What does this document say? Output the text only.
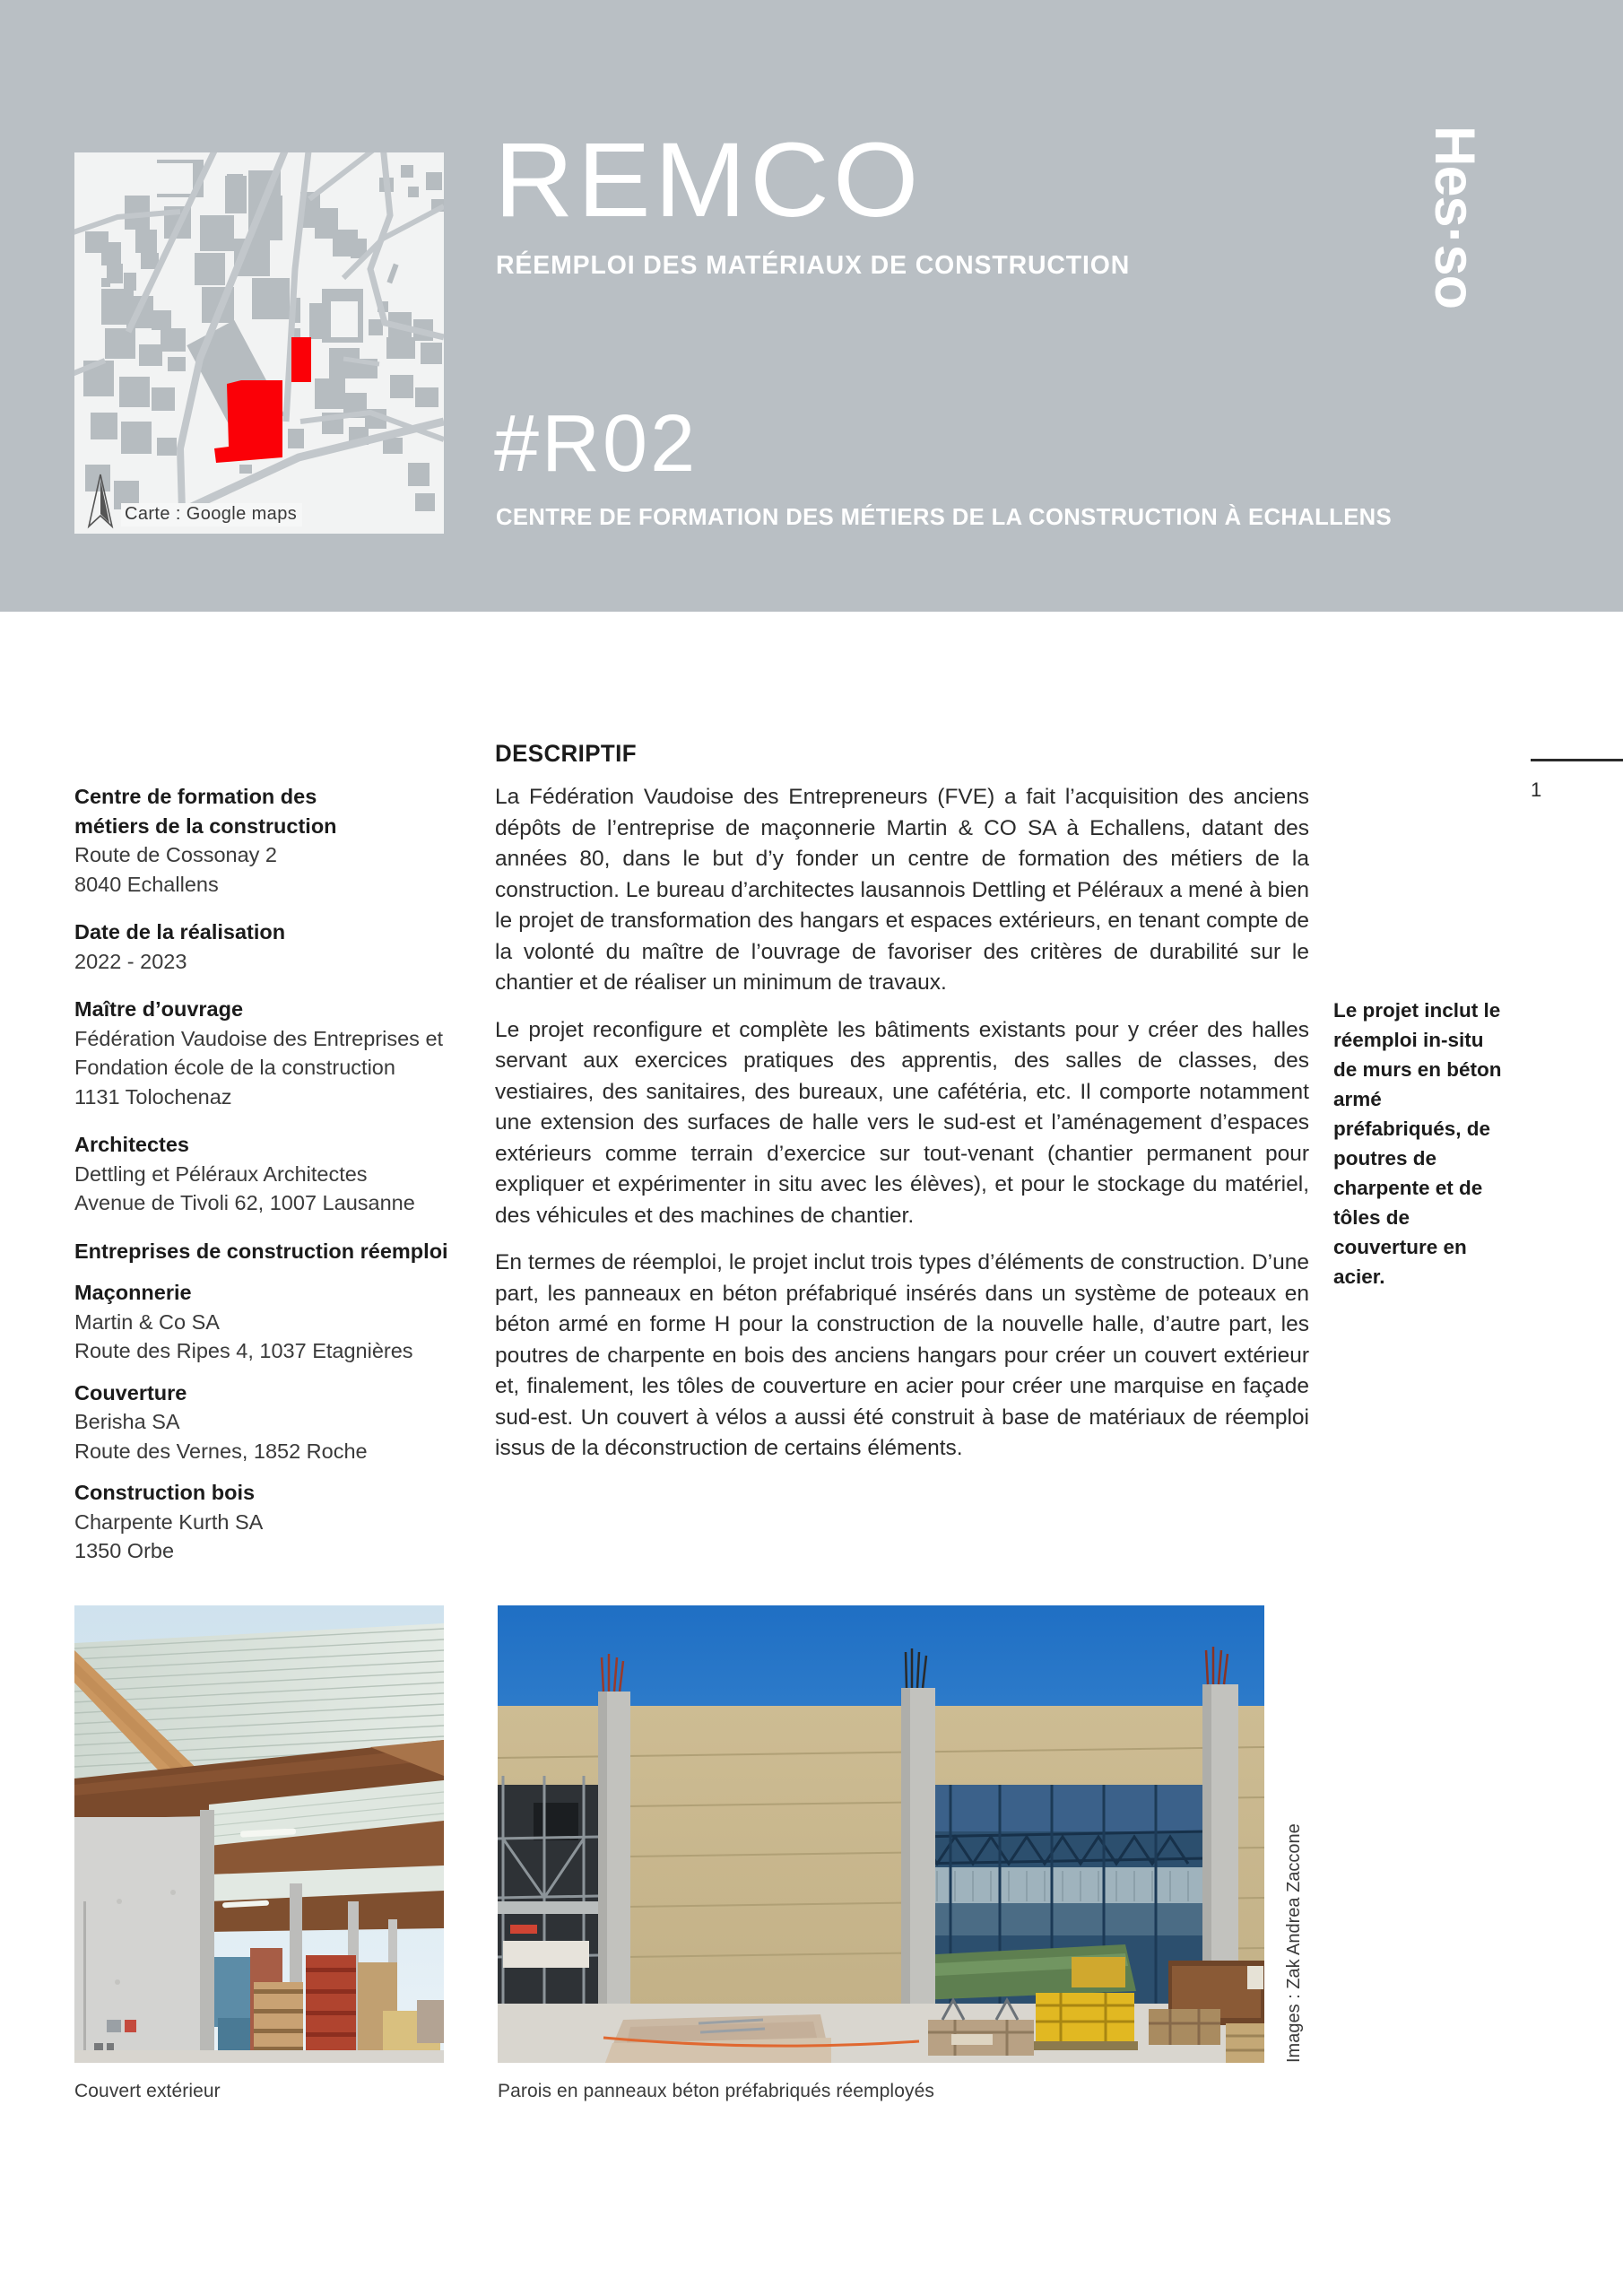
Carte : Google maps
REMCO
RÉEMPLOI DES MATÉRIAUX DE CONSTRUCTION
#R02
CENTRE DE FORMATION DES MÉTIERS DE LA CONSTRUCTION À ECHALLENS
Hes·so
Centre de formation des
métiers de la construction
Route de Cossonay 2
8040 Echallens
Date de la réalisation
2022 - 2023
Maître d’ouvrage
Fédération Vaudoise des Entreprises et
Fondation école de la construction
1131 Tolochenaz
Architectes
Dettling et Péléraux Architectes
Avenue de Tivoli 62, 1007 Lausanne
Entreprises de construction réemploi
Maçonnerie
Martin & Co SA
Route des Ripes 4, 1037 Etagnières
Couverture
Berisha SA
Route des Vernes, 1852 Roche
Construction bois
Charpente Kurth SA
1350 Orbe
DESCRIPTIF

La Fédération Vaudoise des Entrepreneurs (FVE) a fait l’acquisition des anciens dépôts de l’entreprise de maçonnerie Martin & CO SA à Echallens, datant des années 80, dans le but d’y fonder un centre de formation des métiers de la construction. Le bureau d’architectes lausannois Dettling et Péléraux a mené à bien le projet de transformation des hangars et espaces extérieurs, en tenant compte de la volonté du maître de l’ouvrage de favoriser des critères de durabilité sur le chantier et de réaliser un minimum de travaux.

Le projet reconfigure et complète les bâtiments existants pour y créer des halles servant aux exercices pratiques des apprentis, des salles de classes, des vestiaires, des sanitaires, des bureaux, une cafétéria, etc. Il comporte notamment une extension des surfaces de halle vers le sud-est et l’aménagement d’espaces extérieurs comme terrain d’exercice sur tout-venant (chantier permanent pour expliquer et expérimenter in situ avec les élèves), et pour le stockage du matériel, des véhicules et des machines de chantier.

En termes de réemploi, le projet inclut trois types d’éléments de construction. D’une part, les panneaux en béton préfabriqué insérés dans un système de poteaux en béton armé en forme H pour la construction de la nouvelle halle, d’autre part, les poutres de charpente en bois des anciens hangars pour créer un couvert extérieur et, finalement, les tôles de couverture en acier pour créer une marquise en façade sud-est. Un couvert à vélos a aussi été construit à base de matériaux de réemploi issus de la déconstruction de certains éléments.

1
Le projet inclut le réemploi in-situ de murs en béton armé préfabriqués, de poutres de charpente et de tôles de couverture en acier.
Couvert extérieur	Parois en panneaux béton préfabriqués réemployés
Images : Zak Andrea Zaccone
